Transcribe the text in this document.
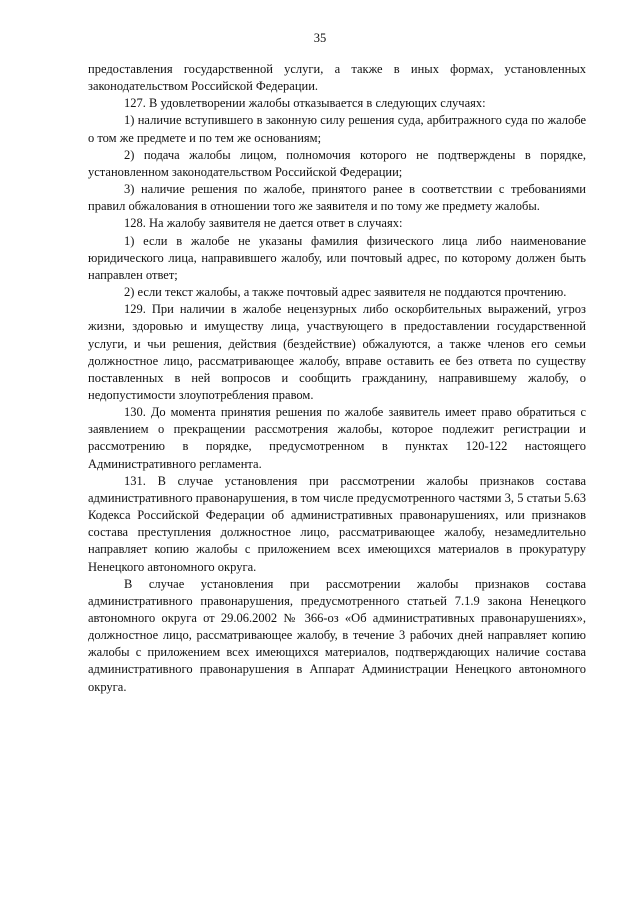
35

предоставления государственной услуги, а также в иных формах, установленных законодательством Российской Федерации.

127. В удовлетворении жалобы отказывается в следующих случаях:

1) наличие вступившего в законную силу решения суда, арбитражного суда по жалобе о том же предмете и по тем же основаниям;

2) подача жалобы лицом, полномочия которого не подтверждены в порядке, установленном законодательством Российской Федерации;

3) наличие решения по жалобе, принятого ранее в соответствии с требованиями правил обжалования в отношении того же заявителя и по тому же предмету жалобы.

128. На жалобу заявителя не дается ответ в случаях:

1) если в жалобе не указаны фамилия физического лица либо наименование юридического лица, направившего жалобу, или почтовый адрес, по которому должен быть направлен ответ;

2) если текст жалобы, а также почтовый адрес заявителя не поддаются прочтению.

129. При наличии в жалобе нецензурных либо оскорбительных выражений, угроз жизни, здоровью и имуществу лица, участвующего в предоставлении государственной услуги, и чьи решения, действия (бездействие) обжалуются, а также членов его семьи должностное лицо, рассматривающее жалобу, вправе оставить ее без ответа по существу поставленных в ней вопросов и сообщить гражданину, направившему жалобу, о недопустимости злоупотребления правом.

130. До момента принятия решения по жалобе заявитель имеет право обратиться с заявлением о прекращении рассмотрения жалобы, которое подлежит регистрации и рассмотрению в порядке, предусмотренном в пунктах 120-122 настоящего Административного регламента.

131. В случае установления при рассмотрении жалобы признаков состава административного правонарушения, в том числе предусмотренного частями 3, 5 статьи 5.63 Кодекса Российской Федерации об административных правонарушениях, или признаков состава преступления должностное лицо, рассматривающее жалобу, незамедлительно направляет копию жалобы с приложением всех имеющихся материалов в прокуратуру Ненецкого автономного округа.

В случае установления при рассмотрении жалобы признаков состава административного правонарушения, предусмотренного статьей 7.1.9 закона Ненецкого автономного округа от 29.06.2002 № 366-оз «Об административных правонарушениях», должностное лицо, рассматривающее жалобу, в течение 3 рабочих дней направляет копию жалобы с приложением всех имеющихся материалов, подтверждающих наличие состава административного правонарушения в Аппарат Администрации Ненецкого автономного округа.
